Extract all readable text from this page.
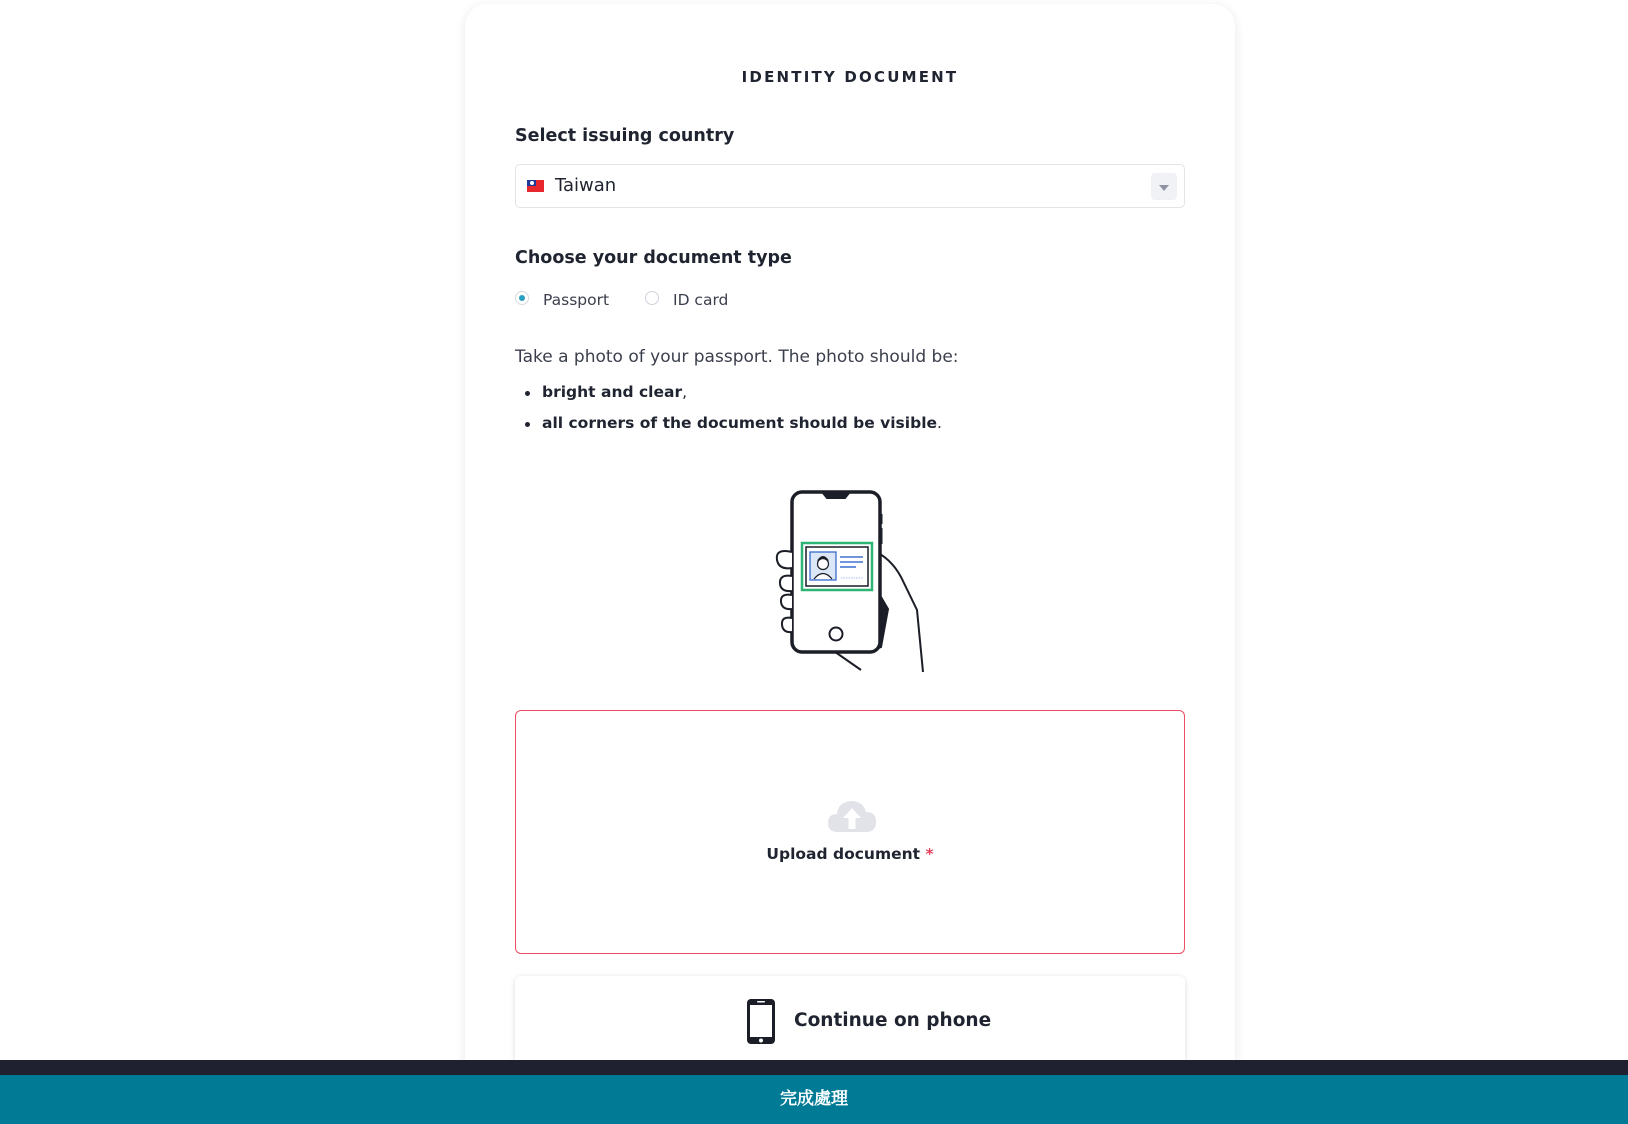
IDENTITY DOCUMENT
Select issuing country
Taiwan
Choose your document type
Passport	ID card
Take a photo of your passport. The photo should be:
bright and clear,
all corners of the document should be visible.
Upload document *
Continue on phone
完成處理
